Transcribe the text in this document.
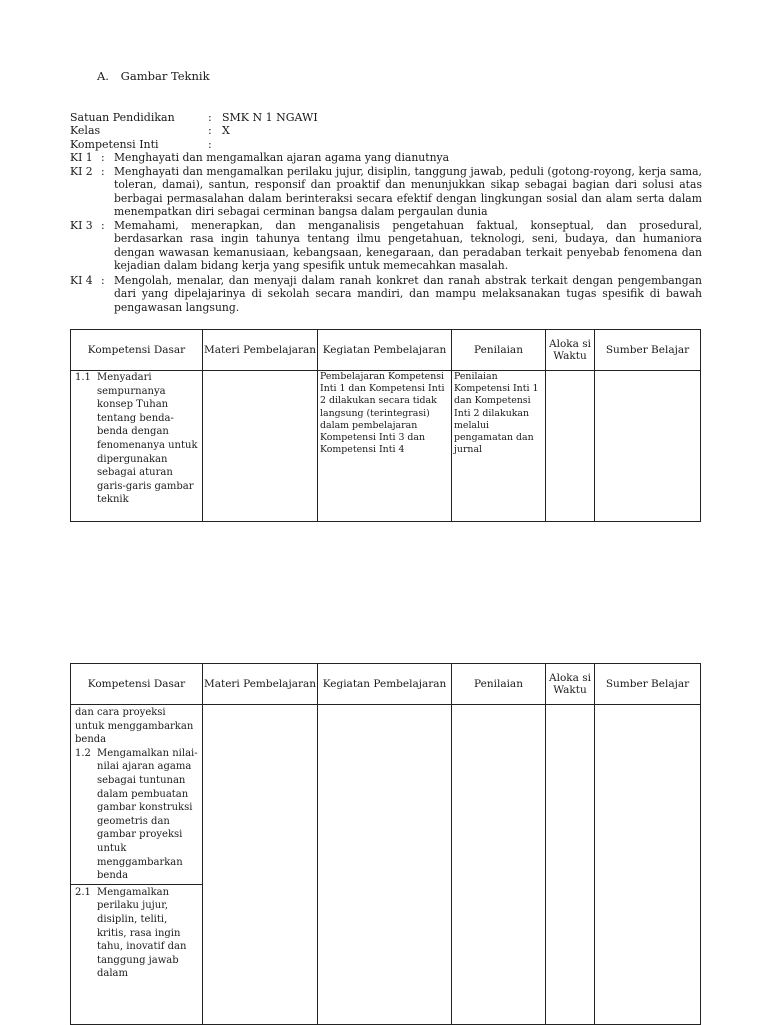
A. Gambar Teknik
Satuan Pendidikan	: SMK N 1 NGAWI
Kelas	: X
Kompetensi Inti	:
KI 1 : Menghayati dan mengamalkan ajaran agama yang dianutnya
KI 2 : Menghayati dan mengamalkan perilaku jujur, disiplin, tanggung jawab, peduli (gotong-royong, kerja sama, toleran, damai), santun, responsif dan proaktif dan menunjukkan sikap sebagai bagian dari solusi atas berbagai permasalahan dalam berinteraksi secara efektif dengan lingkungan sosial dan alam serta dalam menempatkan diri sebagai cerminan bangsa dalam pergaulan dunia
KI 3 : Memahami, menerapkan, dan menganalisis pengetahuan faktual, konseptual, dan prosedural, berdasarkan rasa ingin tahunya tentang ilmu pengetahuan, teknologi, seni, budaya, dan humaniora dengan wawasan kemanusiaan, kebangsaan, kenegaraan, dan peradaban terkait penyebab fenomena dan kejadian dalam bidang kerja yang spesifik untuk memecahkan masalah.
KI 4 : Mengolah, menalar, dan menyaji dalam ranah konkret dan ranah abstrak terkait dengan pengembangan dari yang dipelajarinya di sekolah secara mandiri, dan mampu melaksanakan tugas spesifik di bawah pengawasan langsung.
Kompetensi Dasar	Materi Pembelajaran	Kegiatan Pembelajaran	Penilaian	Aloka si Waktu	Sumber Belajar

1.1 Menyadari sempurnanya konsep Tuhan tentang benda-benda dengan fenomenanya untuk dipergunakan sebagai aturan garis-garis gambar teknik		Pembelajaran Kompetensi Inti 1 dan Kompetensi Inti 2 dilakukan secara tidak langsung (terintegrasi) dalam pembelajaran Kompetensi Inti 3 dan Kompetensi Inti 4	Penilaian Kompetensi Inti 1 dan Kompetensi Inti 2 dilakukan melalui pengamatan dan jurnal		

Kompetensi Dasar	Materi Pembelajaran	Kegiatan Pembelajaran	Penilaian	Aloka si Waktu	Sumber Belajar

dan cara proyeksi untuk menggambarkan benda
1.2 Mengamalkan nilai-nilai ajaran agama sebagai tuntunan dalam pembuatan gambar konstruksi geometris dan gambar proyeksi untuk menggambarkan benda
2.1 Mengamalkan perilaku jujur, disiplin, teliti, kritis, rasa ingin tahu, inovatif dan tanggung jawab dalam					
